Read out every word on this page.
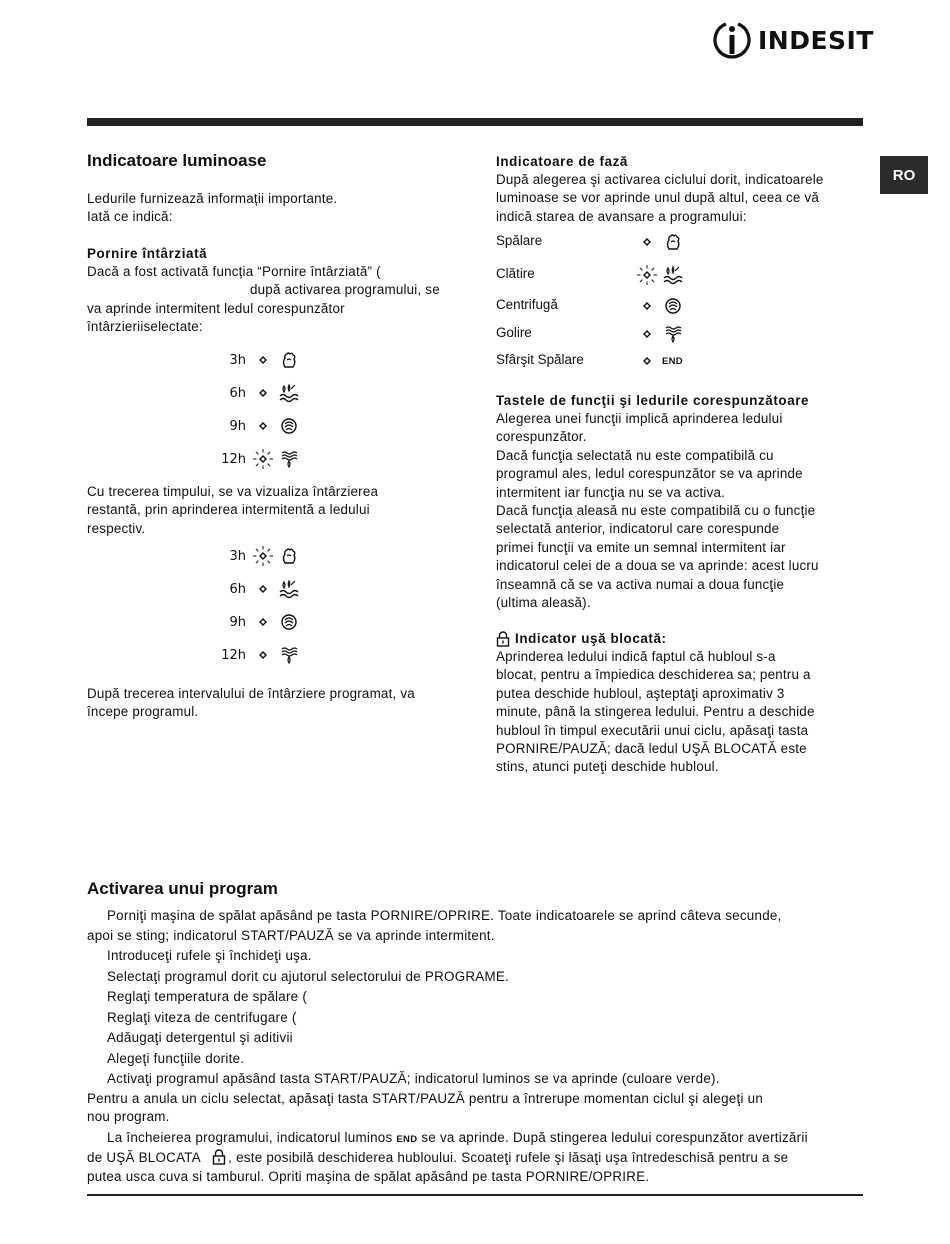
INDESIT
RO
Indicatoare luminoase
Ledurile furnizează informații importante.
Iată ce indică:
Pornire întârziată
Dacă a fost activată funcția “Pornire întârziată” (
după activarea programului, se
va aprinde intermitent ledul corespunzător
întârzieriiselectate:
3h
6h
9h
12h
Cu trecerea timpului, se va vizualiza întârzierea
restantă, prin aprinderea intermitentă a ledului
respectiv.
3h
6h
9h
12h
După trecerea intervalului de întârziere programat, va
începe programul.
Indicatoare de fază
După alegerea şi activarea ciclului dorit, indicatoarele
luminoase se vor aprinde unul după altul, ceea ce vă
indică starea de avansare a programului:
Spălare
Clătire
Centrifugă
Golire
Sfârşit Spălare	END
Tastele de funcţii şi ledurile corespunzătoare
Alegerea unei funcţii implică aprinderea ledului
corespunzător.
Dacă funcţia selectată nu este compatibilă cu
programul ales, ledul corespunzător se va aprinde
intermitent iar funcţia nu se va activa.
Dacă funcţia aleasă nu este compatibilă cu o funcţie
selectată anterior, indicatorul care corespunde
primei funcţii va emite un semnal intermitent iar
indicatorul celei de a doua se va aprinde: acest lucru
înseamnă că se va activa numai a doua funcţie
(ultima aleasă).
Indicator uşă blocată:
Aprinderea ledului indică faptul că hubloul s-a
blocat, pentru a împiedica deschiderea sa; pentru a
putea deschide hubloul, aşteptaţi aproximativ 3
minute, până la stingerea ledului. Pentru a deschide
hubloul în timpul executării unui ciclu, apăsaţi tasta
PORNIRE/PAUZĂ; dacă ledul UŞĂ BLOCATĂ este
stins, atunci puteţi deschide hubloul.
Activarea unui program
Porniţi maşina de spălat apăsând pe tasta PORNIRE/OPRIRE. Toate indicatoarele se aprind câteva secunde,
apoi se sting; indicatorul START/PAUZĂ se va aprinde intermitent.
Introduceţi rufele şi închideţi uşa.
Selectaţi programul dorit cu ajutorul selectorului de PROGRAME.
Reglaţi temperatura de spălare (
Reglaţi viteza de centrifugare (
Adăugaţi detergentul şi aditivii
Alegeţi funcţiile dorite.
Activaţi programul apăsând tasta START/PAUZĂ; indicatorul luminos se va aprinde (culoare verde).
Pentru a anula un ciclu selectat, apăsaţi tasta START/PAUZĂ pentru a întrerupe momentan ciclul şi alegeţi un
nou program.
La încheierea programului, indicatorul luminos END se va aprinde. După stingerea ledului corespunzător avertizării
de UŞĂ BLOCATA , este posibilă deschiderea hubloului. Scoateţi rufele şi lăsaţi uşa întredeschisă pentru a se
putea usca cuva si tamburul. Opriti maşina de spălat apăsând pe tasta PORNIRE/OPRIRE.
